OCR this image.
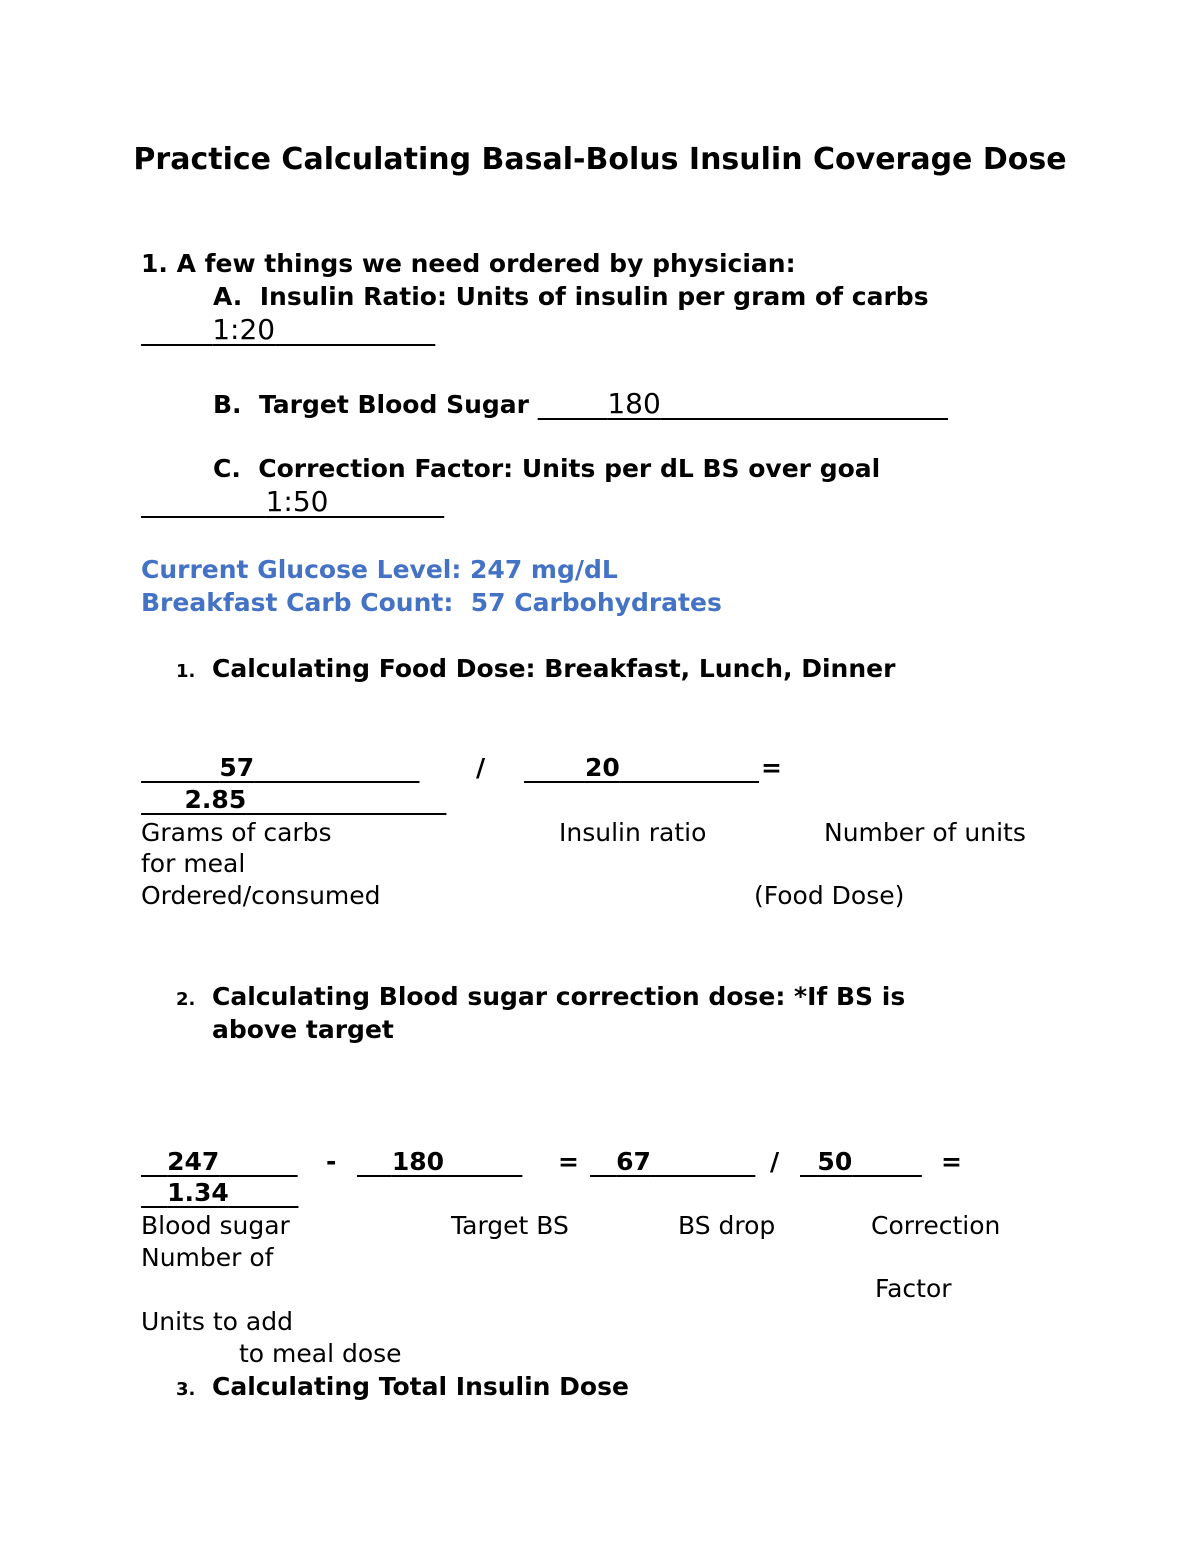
Practice Calculating Basal-Bolus Insulin Coverage Dose
1. A few things we need ordered by physician:
A.  Insulin Ratio: Units of insulin per gram of carbs
1:20
B.  Target Blood Sugar         180
C.  Correction Factor: Units per dL BS over goal
1:50
Current Glucose Level: 247 mg/dL
Breakfast Carb Count:  57 Carbohydrates
1. Calculating Food Dose: Breakfast, Lunch, Dinner
57	/	20	=
2.85
Grams of carbs	Insulin ratio	Number of units
for meal
Ordered/consumed	(Food Dose)
2. Calculating Blood sugar correction dose: *If BS is
above target
247	-	180	=	67	/	50	=
1.34
Blood sugar	Target BS	BS drop	Correction
Number of
Factor
Units to add
to meal dose
3. Calculating Total Insulin Dose
